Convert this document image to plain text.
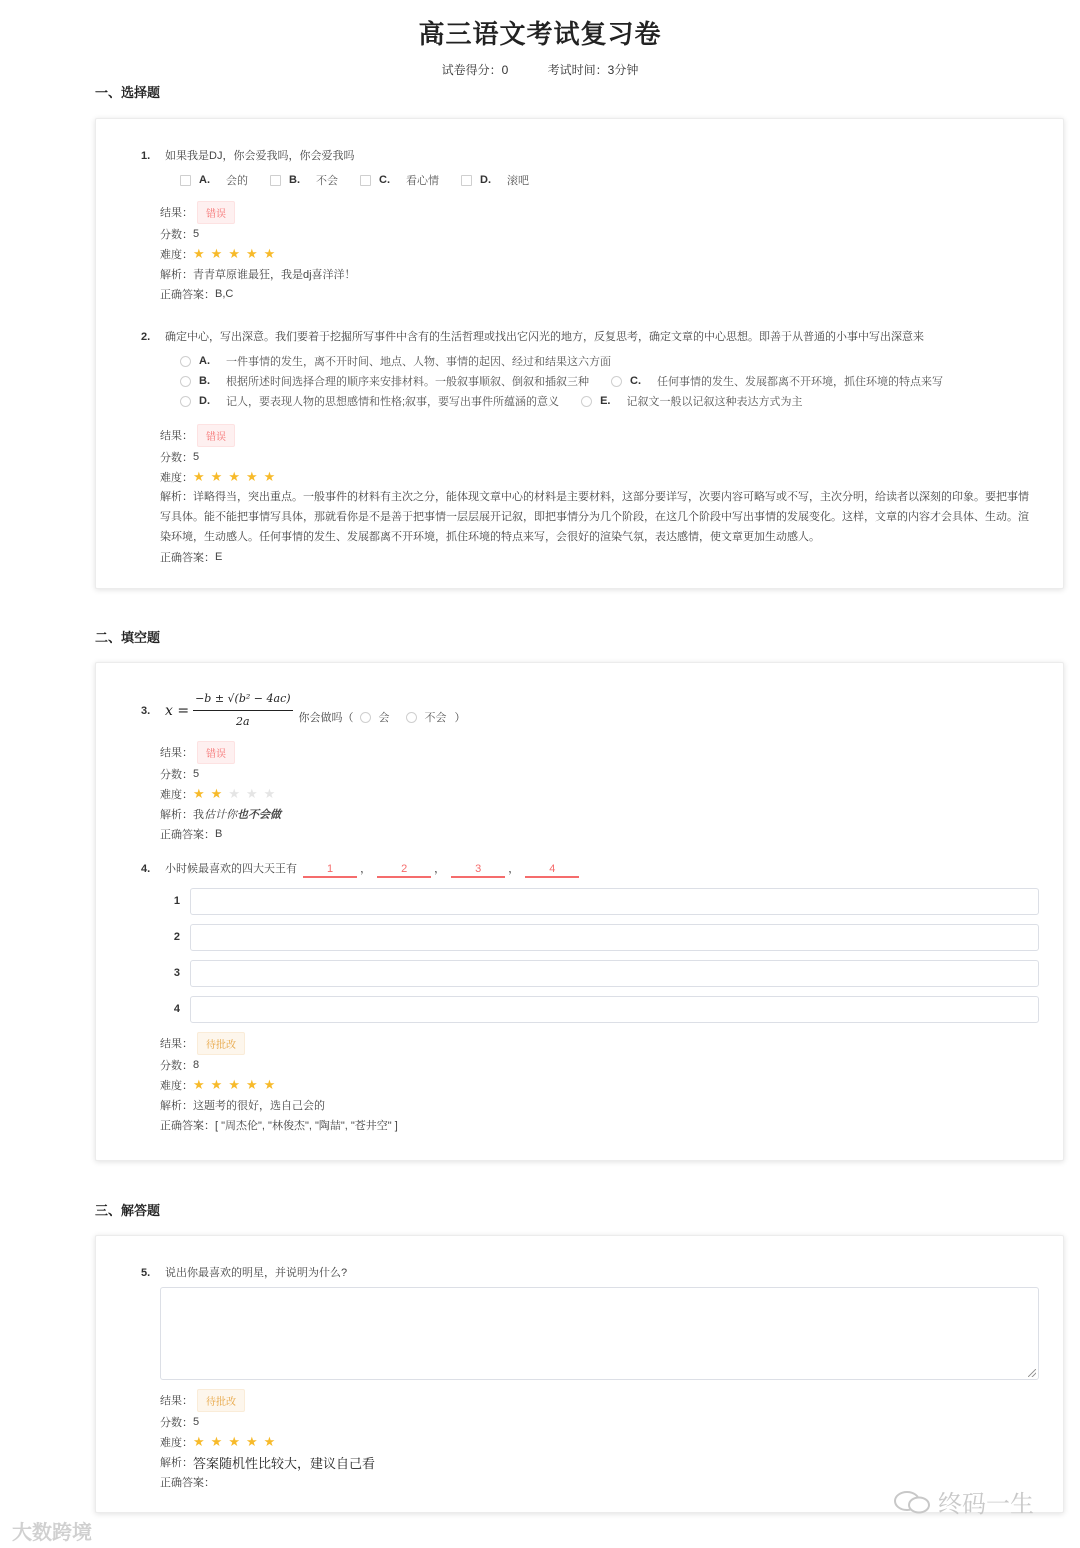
高三语文考试复习卷
试卷得分：0	考试时间：3分钟
一、选择题
1.	如果我是DJ，你会爱我吗，你会爱我吗
A. 会的	B. 不会	C. 看心情	D. 滚吧
结果：	错误
分数： 5
难度： ★ ★ ★ ★ ★
解析： 青青草原谁最狂，我是dj喜洋洋！
正确答案： B,C
2.	确定中心，写出深意。我们要着于挖掘所写事件中含有的生活哲理或找出它闪光的地方，反复思考，确定文章的中心思想。即善于从普通的小事中写出深意来
A. 一件事情的发生，离不开时间、地点、人物、事情的起因、经过和结果这六方面
B. 根据所述时间选择合理的顺序来安排材料。一般叙事顺叙、倒叙和插叙三种	C. 任何事情的发生、发展都离不开环境，抓住环境的特点来写
D. 记人，要表现人物的思想感情和性格;叙事，要写出事件所蕴涵的意义	E. 记叙文一般以记叙这种表达方式为主
结果：	错误
分数： 5
难度： ★ ★ ★ ★ ★
解析：详略得当，突出重点。一般事件的材料有主次之分，能体现文章中心的材料是主要材料，这部分要详写，次要内容可略写或不写，主次分明，给读者以深刻的印象。要把事情写具体。能不能把事情写具体，那就看你是不是善于把事情一层层展开记叙，即把事情分为几个阶段，在这几个阶段中写出事情的发展变化。这样，文章的内容才会具体、生动。渲染环境，生动感人。任何事情的发生、发展都离不开环境，抓住环境的特点来写，会很好的渲染气氛，表达感情，使文章更加生动感人。
正确答案： E
二、填空题
3.	$x = \frac{\text{−b ± √(b² − 4ac)}}{2a}$ 你会做吗（ 会	不会 ）
结果：	错误
分数： 5
难度： ★ ★ ★ ★ ★
解析： 我估计你也不会做
正确答案： B
4.	小时候最喜欢的四大天王有	1 ，	2 ，	3 ，	4
1
2
3
4
结果：	待批改
分数： 8
难度： ★ ★ ★ ★ ★
解析： 这题考的很好，选自己会的
正确答案： [ "周杰伦", "林俊杰", "陶喆", "苍井空" ]
三、解答题
5.	说出你最喜欢的明星，并说明为什么?
结果：	待批改
分数： 5
难度： ★ ★ ★ ★ ★
解析： 答案随机性比较大，建议自己看
正确答案：
大数跨境
终码一生
